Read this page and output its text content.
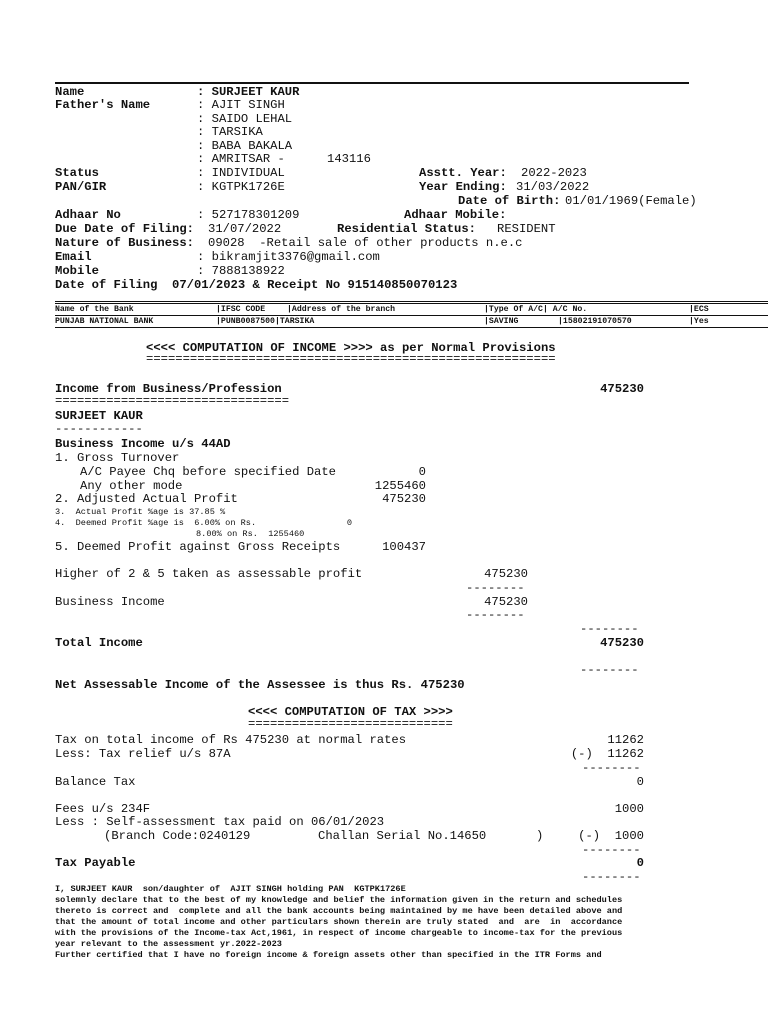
Name	: SURJEET KAUR
Father's Name	: AJIT SINGH
: SAIDO LEHAL
: TARSIKA
: BABA BAKALA
: AMRITSAR -	143116
Status	: INDIVIDUAL	Asstt. Year: 2022-2023
PAN/GIR	: KGTPK1726E	Year Ending: 31/03/2022
Date of Birth: 01/01/1969(Female)
Adhaar No	: 527178301209	Adhaar Mobile:
Due Date of Filing: 31/07/2022	Residential Status: RESIDENT
Nature of Business: 09028  -Retail sale of other products n.e.c
Email	: bikramjit3376@gmail.com
Mobile	: 7888138922
Date of Filing  07/01/2023 & Receipt No 915140850070123
Name of the Bank	|IFSC CODE	|Address of the branch	|Type Of A/C| A/C No.	|ECS
PUNJAB NATIONAL BANK	|PUNB0087500|TARSIKA	|SAVING	|15802191070570	|Yes
<<<< COMPUTATION OF INCOME >>>> as per Normal Provisions
========================================================
Income from Business/Profession	475230
================================
SURJEET KAUR
------------
Business Income u/s 44AD
1. Gross Turnover
A/C Payee Chq before specified Date	0
Any other mode	1255460
2. Adjusted Actual Profit	475230
3.  Actual Profit %age is 37.85 %
4.  Deemed Profit %age is  6.00% on Rs.	0
8.00% on Rs.  1255460
5. Deemed Profit against Gross Receipts	100437
Higher of 2 & 5 taken as assessable profit	475230
--------
Business Income	475230
--------
--------
Total Income	475230
--------
Net Assessable Income of the Assessee is thus Rs. 475230
<<<< COMPUTATION OF TAX >>>>
============================
Tax on total income of Rs 475230 at normal rates	11262
Less: Tax relief u/s 87A	(-)  11262
--------
Balance Tax	0
Fees u/s 234F	1000
Less : Self-assessment tax paid on 06/01/2023
(Branch Code:0240129	Challan Serial No.14650	)	(-)  1000
--------
Tax Payable	0
--------
I, SURJEET KAUR  son/daughter of  AJIT SINGH holding PAN  KGTPK1726E
solemnly declare that to the best of my knowledge and belief the information given in the return and schedules
thereto is correct and  complete and all the bank accounts being maintained by me have been detailed above and
that the amount of total income and other particulars shown therein are truly stated  and  are  in  accordance
with the provisions of the Income-tax Act,1961, in respect of income chargeable to income-tax for the previous
year relevant to the assessment yr.2022-2023
Further certified that I have no foreign income & foreign assets other than specified in the ITR Forms and
